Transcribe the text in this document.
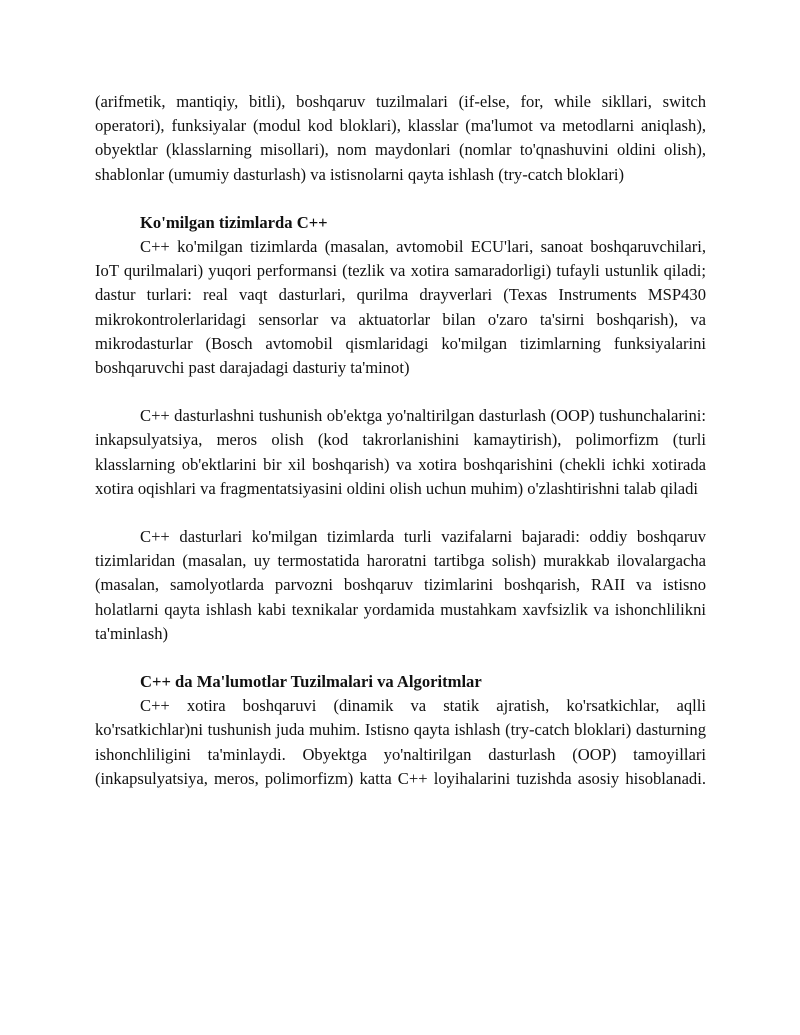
(arifmetik, mantiqiy, bitli), boshqaruv tuzilmalari (if-else, for, while sikllari, switch operatori), funksiyalar (modul kod bloklari), klasslar (ma'lumot va metodlarni aniqlash), obyektlar (klasslarning misollari), nom maydonlari (nomlar to'qnashuvini oldini olish), shablonlar (umumiy dasturlash) va istisnolarni qayta ishlash (try-catch bloklari)

Ko'milgan tizimlarda C++

C++ ko'milgan tizimlarda (masalan, avtomobil ECU'lari, sanoat boshqaruvchilari, IoT qurilmalari) yuqori performansi (tezlik va xotira samaradorligi) tufayli ustunlik qiladi; dastur turlari: real vaqt dasturlari, qurilma drayverlari (Texas Instruments MSP430 mikrokontrolerlaridagi sensorlar va aktuatorlar bilan o'zaro ta'sirni boshqarish), va mikrodasturlar (Bosch avtomobil qismlaridagi ko'milgan tizimlarning funksiyalarini boshqaruvchi past darajadagi dasturiy ta'minot)

C++ dasturlashni tushunish ob'ektga yo'naltirilgan dasturlash (OOP) tushunchalarini: inkapsulyatsiya, meros olish (kod takrorlanishini kamaytirish), polimorfizm (turli klasslarning ob'ektlarini bir xil boshqarish) va xotira boshqarishini (chekli ichki xotirada xotira oqishlari va fragmentatsiyasini oldini olish uchun muhim) o'zlashtirishni talab qiladi

C++ dasturlari ko'milgan tizimlarda turli vazifalarni bajaradi: oddiy boshqaruv tizimlaridan (masalan, uy termostatida haroratni tartibga solish) murakkab ilovalargacha (masalan, samolyotlarda parvozni boshqaruv tizimlarini boshqarish, RAII va istisno holatlarni qayta ishlash kabi texnikalar yordamida mustahkam xavfsizlik va ishonchlilikni ta'minlash)

C++ da Ma'lumotlar Tuzilmalari va Algoritmlar

C++ xotira boshqaruvi (dinamik va statik ajratish, ko'rsatkichlar, aqlli ko'rsatkichlar)ni tushunish juda muhim. Istisno qayta ishlash (try-catch bloklari) dasturning ishonchliligini ta'minlaydi. Obyektga yo'naltirilgan dasturlash (OOP) tamoyillari (inkapsulyatsiya, meros, polimorfizm) katta C++ loyihalarini tuzishda asosiy hisoblanadi.
